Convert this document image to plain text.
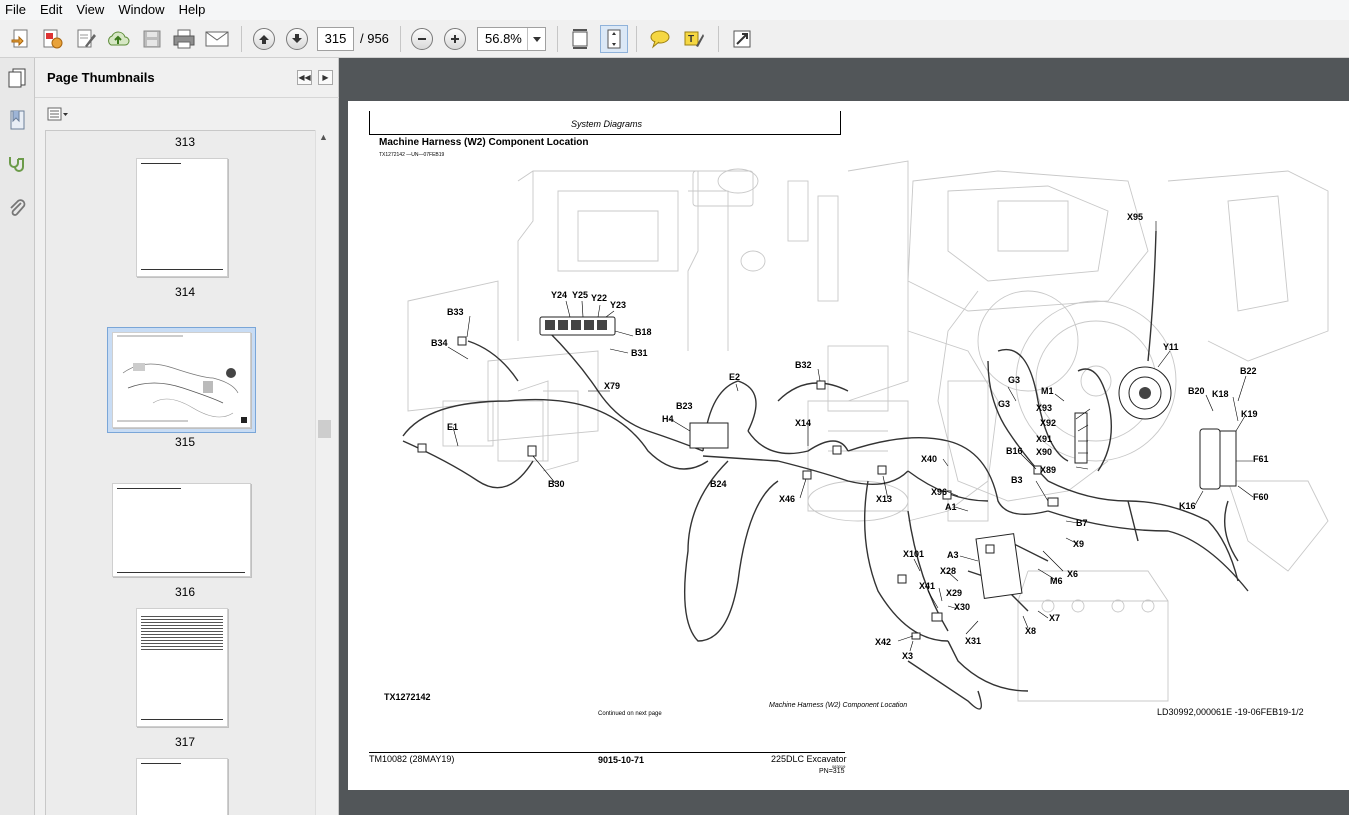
File	Edit	View	Window	Help
315	/ 956	56.8%	T
Page Thumbnails	◀◀	▶
313
314
315
316
317
▲
System Diagrams
Machine Harness (W2) Component Location
TX1272142 —UN—07FEB19
X95
Y24 Y25 Y22
Y23
B33
B18
B34
B31
Y11
B22
E2
B32
G3
M1	B20 K18
X79
G3	X93
K19
H4
B23
X92
X91
X14
B16 X90
F61
E1
X40
X89
B3
X13
X46
B24
B30
X96
K16
F60
A1
B7
X9
X101	A3
X28
M6
X6
X41
X29
X30
X7
X42	X31
X8
X3
TX1272142
Continued on next page
Machine Harness (W2) Component Location
LD30992,000061E -19-06FEB19-1/2
TM10082 (28MAY19)	9015-10-71	225DLC Excavator
083019
PN=315
